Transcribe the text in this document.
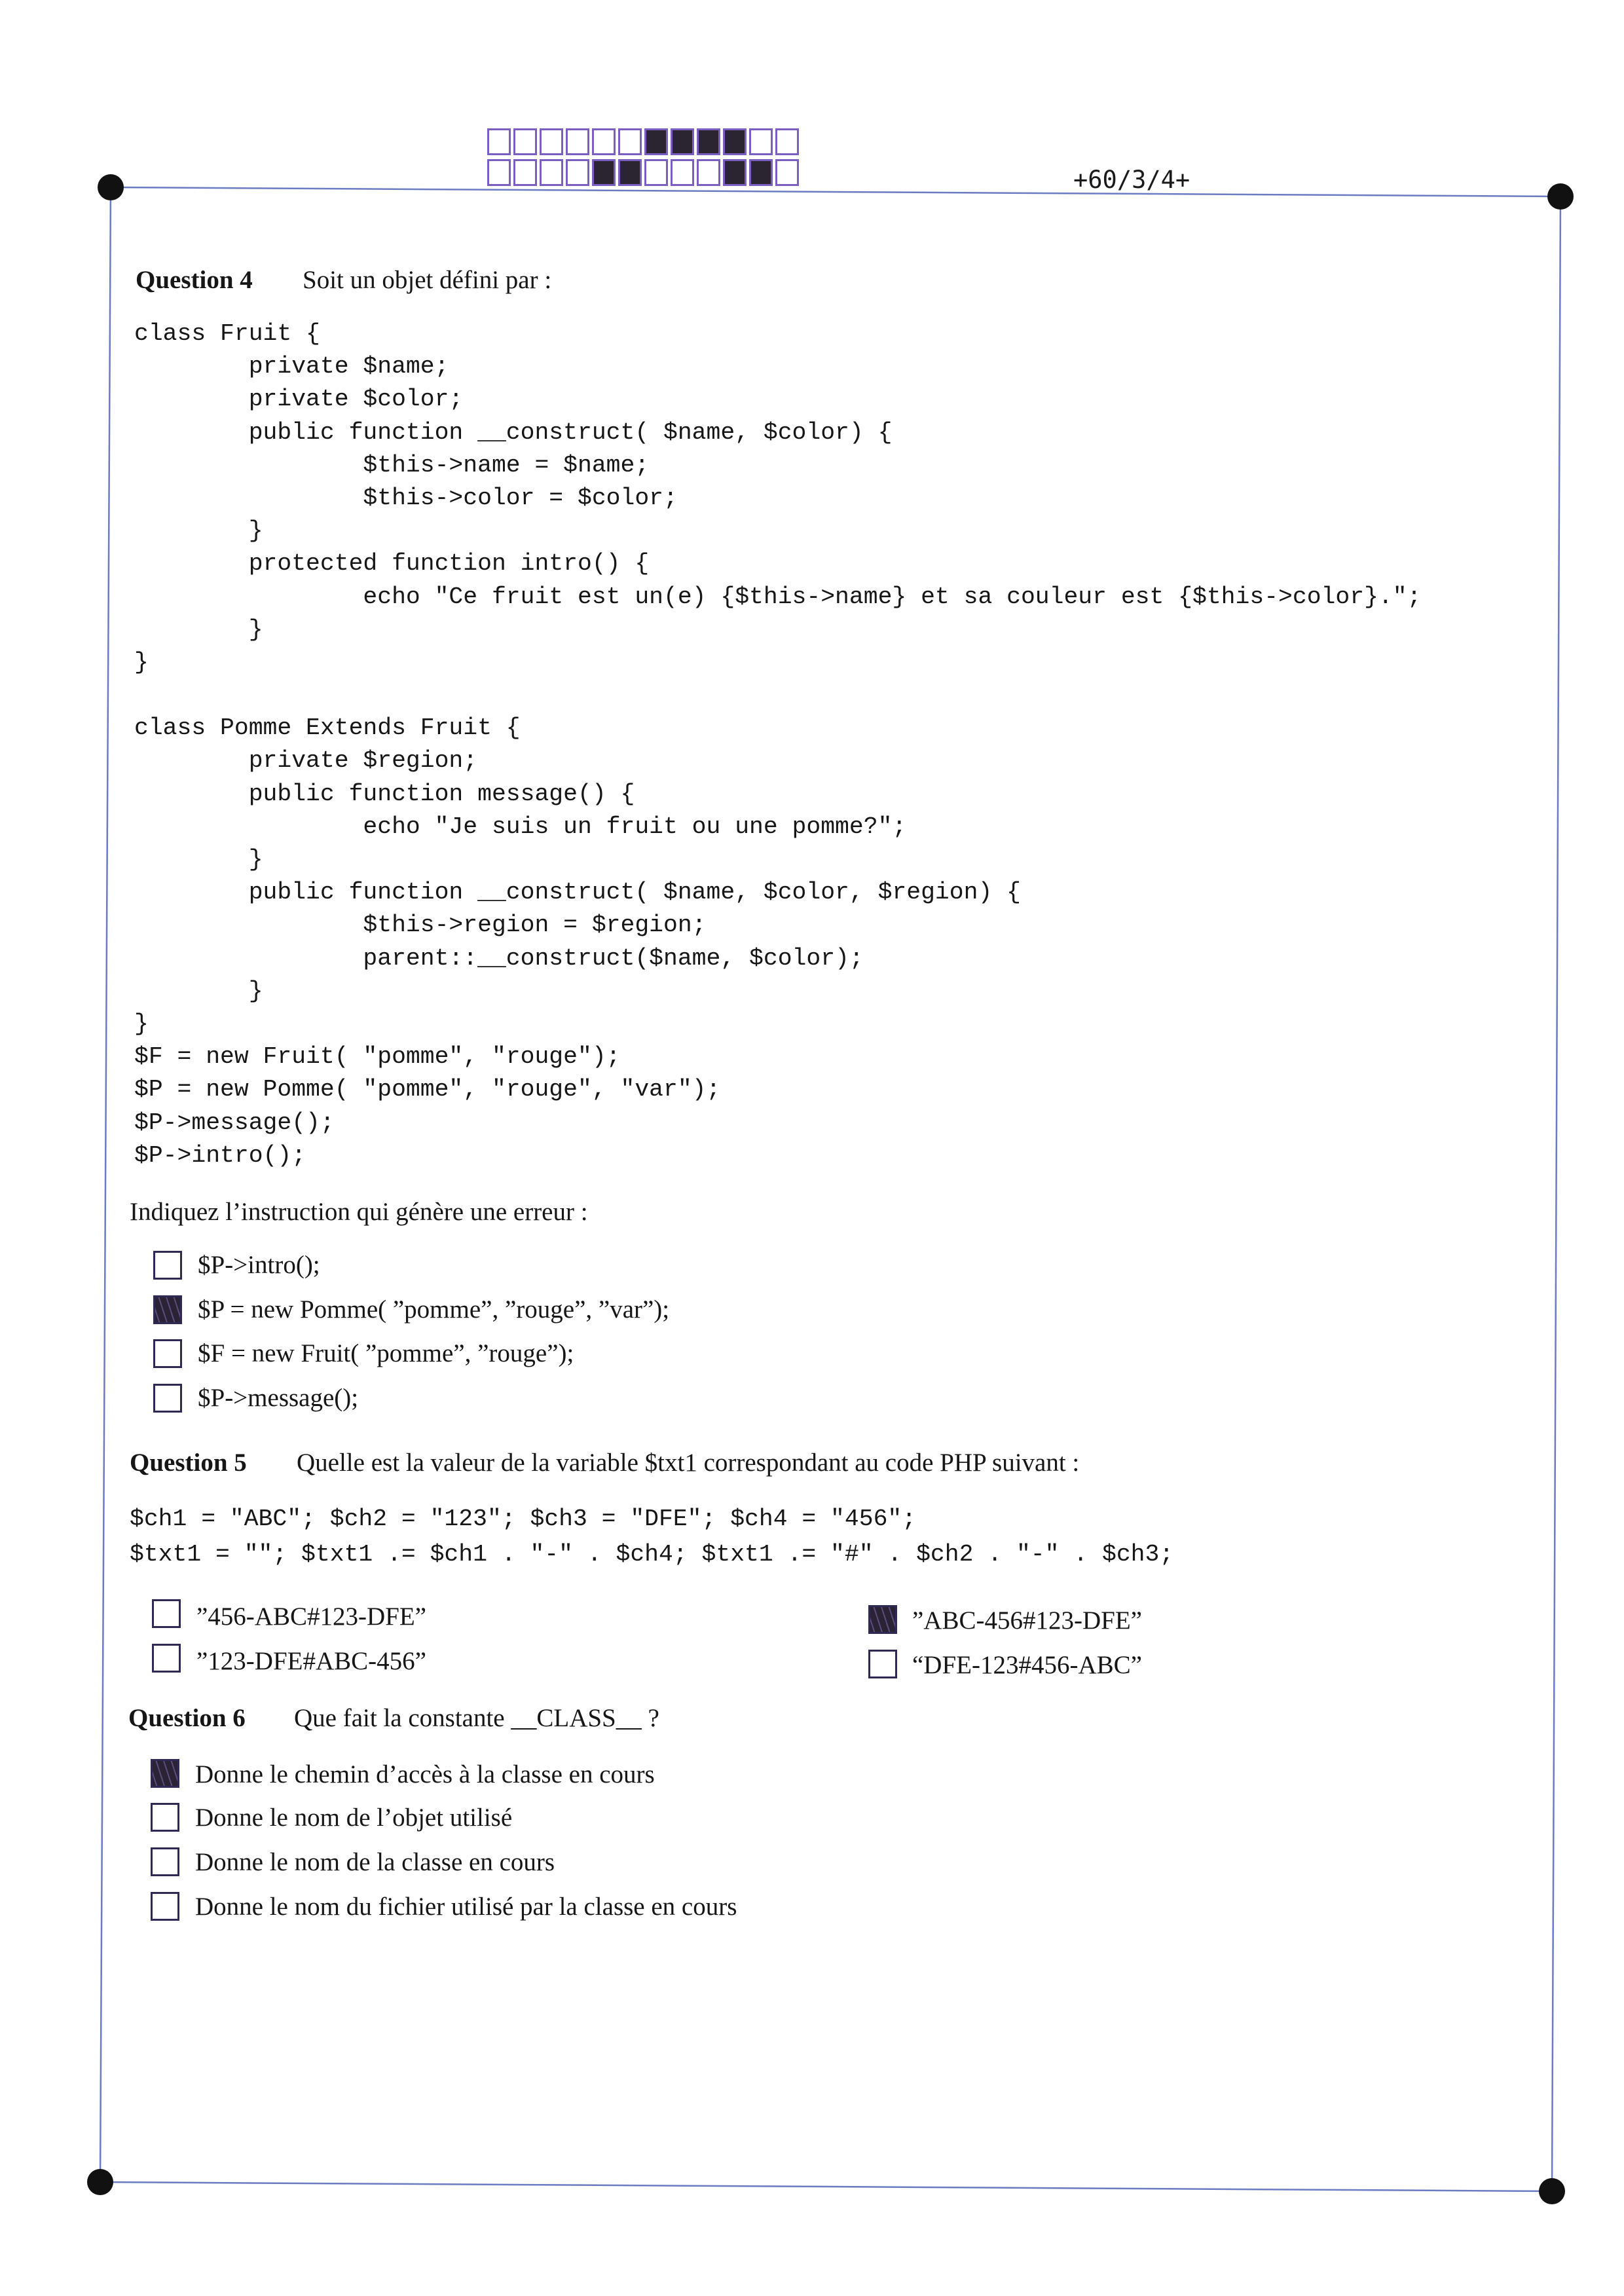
+60/3/4+
Question 4 Soit un objet défini par :
class Fruit {
private $name;
private $color;
public function __construct( $name, $color) {
$this->name = $name;
$this->color = $color;
}
protected function intro() {
echo "Ce fruit est un(e) {$this->name} et sa couleur est {$this->color}.";
}
}
class Pomme Extends Fruit {
private $region;
public function message() {
echo "Je suis un fruit ou une pomme?";
}
public function __construct( $name, $color, $region) {
$this->region = $region;
parent::__construct($name, $color);
}
}
$F = new Fruit( "pomme", "rouge");
$P = new Pomme( "pomme", "rouge", "var");
$P->message();
$P->intro();
Indiquez l’instruction qui génère une erreur :
$P->intro();
$P = new Pomme( ”pomme”, ”rouge”, ”var”);
$F = new Fruit( ”pomme”, ”rouge”);
$P->message();
Question 5 Quelle est la valeur de la variable $txt1 correspondant au code PHP suivant :
$ch1 = "ABC"; $ch2 = "123"; $ch3 = "DFE"; $ch4 = "456";
$txt1 = ""; $txt1 .= $ch1 . "-" . $ch4; $txt1 .= "#" . $ch2 . "-" . $ch3;
”456-ABC#123-DFE”
”123-DFE#ABC-456”
”ABC-456#123-DFE”
“DFE-123#456-ABC”
Question 6 Que fait la constante __CLASS__ ?
Donne le chemin d’accès à la classe en cours
Donne le nom de l’objet utilisé
Donne le nom de la classe en cours
Donne le nom du fichier utilisé par la classe en cours
